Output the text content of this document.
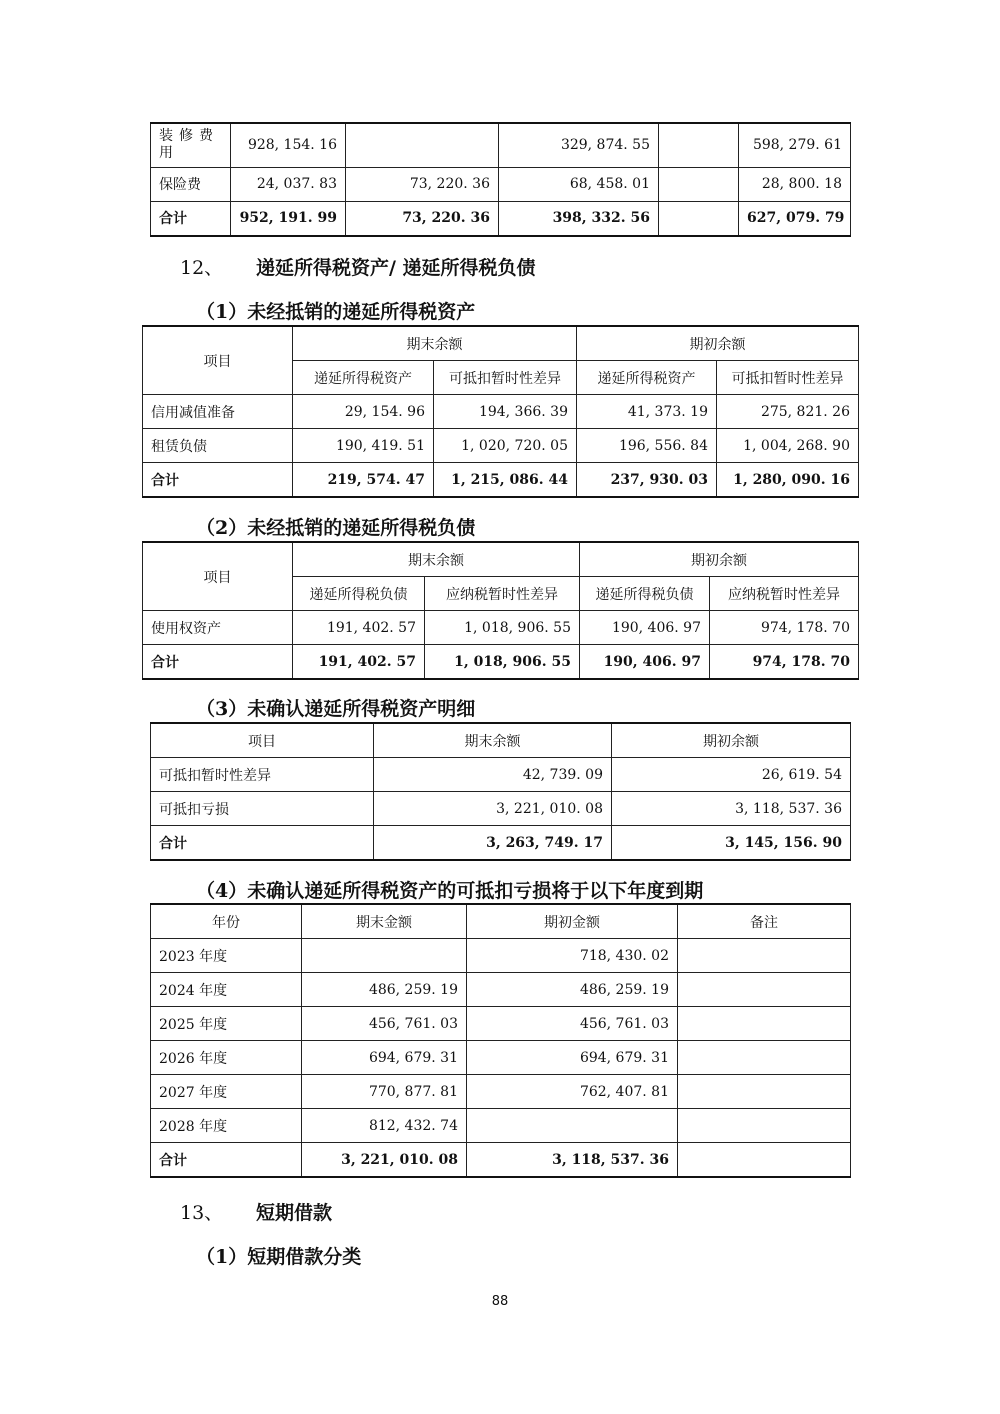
装修费用	928, 154. 16		329, 874. 55		598, 279. 61
保险费	24, 037. 83	73, 220. 36	68, 458. 01		28, 800. 18
合计	952, 191. 99	73, 220. 36	398, 332. 56		627, 079. 79
12、 递延所得税资产/ 递延所得税负债
（1）未经抵销的递延所得税资产
项目	期末余额		期初余额	
	递延所得税资产	可抵扣暂时性差异	递延所得税资产	可抵扣暂时性差异
信用减值准备	29, 154. 96	194, 366. 39	41, 373. 19	275, 821. 26
租赁负债	190, 419. 51	1, 020, 720. 05	196, 556. 84	1, 004, 268. 90
合计	219, 574. 47	1, 215, 086. 44	237, 930. 03	1, 280, 090. 16
（2）未经抵销的递延所得税负债
项目	期末余额		期初余额	
	递延所得税负债	应纳税暂时性差异	递延所得税负债	应纳税暂时性差异
使用权资产	191, 402. 57	1, 018, 906. 55	190, 406. 97	974, 178. 70
合计	191, 402. 57	1, 018, 906. 55	190, 406. 97	974, 178. 70
（3）未确认递延所得税资产明细
项目	期末余额	期初余额
可抵扣暂时性差异	42, 739. 09	26, 619. 54
可抵扣亏损	3, 221, 010. 08	3, 118, 537. 36
合计	3, 263, 749. 17	3, 145, 156. 90
（4）未确认递延所得税资产的可抵扣亏损将于以下年度到期
年份	期末金额	期初金额	备注
2023 年度		718, 430. 02	
2024 年度	486, 259. 19	486, 259. 19	
2025 年度	456, 761. 03	456, 761. 03	
2026 年度	694, 679. 31	694, 679. 31	
2027 年度	770, 877. 81	762, 407. 81	
2028 年度	812, 432. 74		
合计	3, 221, 010. 08	3, 118, 537. 36	
13、 短期借款
（1）短期借款分类
88
